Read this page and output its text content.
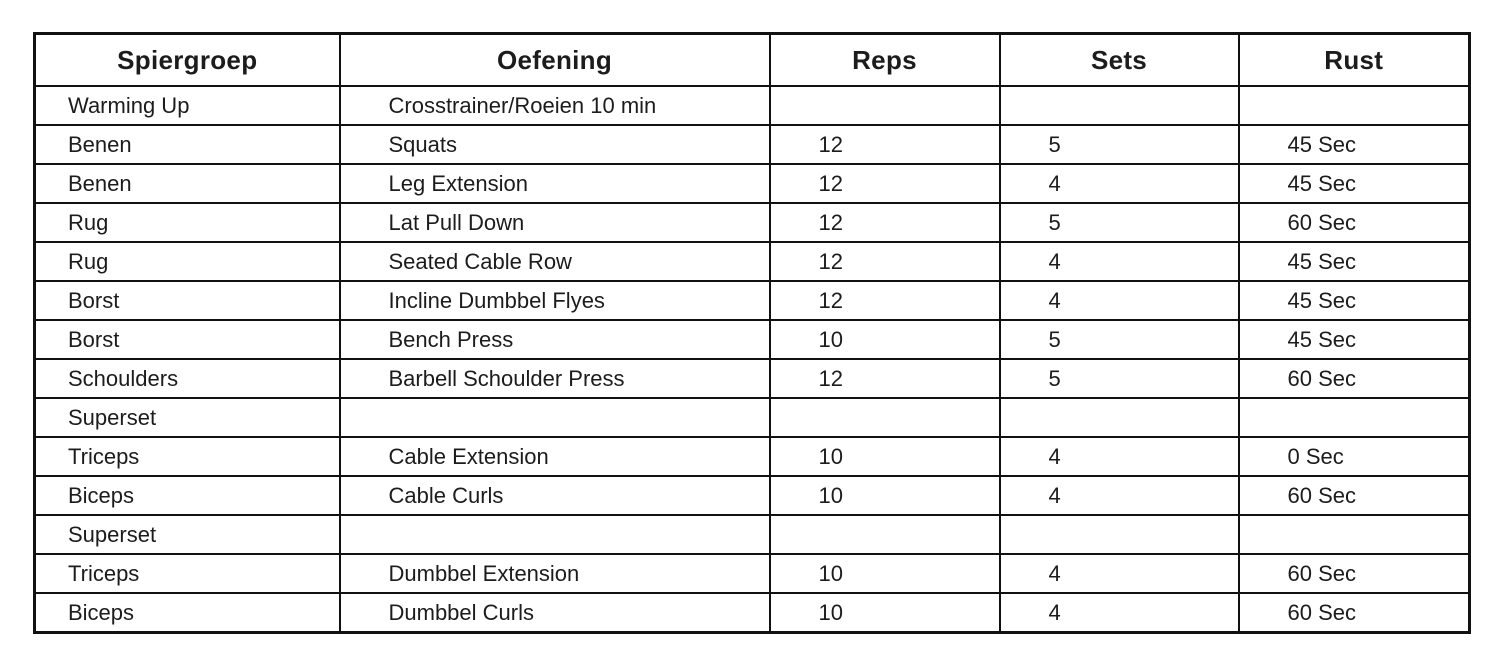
Spiergroep	Oefening	Reps	Sets	Rust
Warming Up	Crosstrainer/Roeien 10 min			
Benen	Squats	12	5	45 Sec
Benen	Leg Extension	12	4	45 Sec
Rug	Lat Pull Down	12	5	60 Sec
Rug	Seated Cable Row	12	4	45 Sec
Borst	Incline Dumbbel Flyes	12	4	45 Sec
Borst	Bench Press	10	5	45 Sec
Schoulders	Barbell Schoulder Press	12	5	60 Sec
Superset				
Triceps	Cable Extension	10	4	0 Sec
Biceps	Cable Curls	10	4	60 Sec
Superset				
Triceps	Dumbbel Extension	10	4	60 Sec
Biceps	Dumbbel Curls	10	4	60 Sec
